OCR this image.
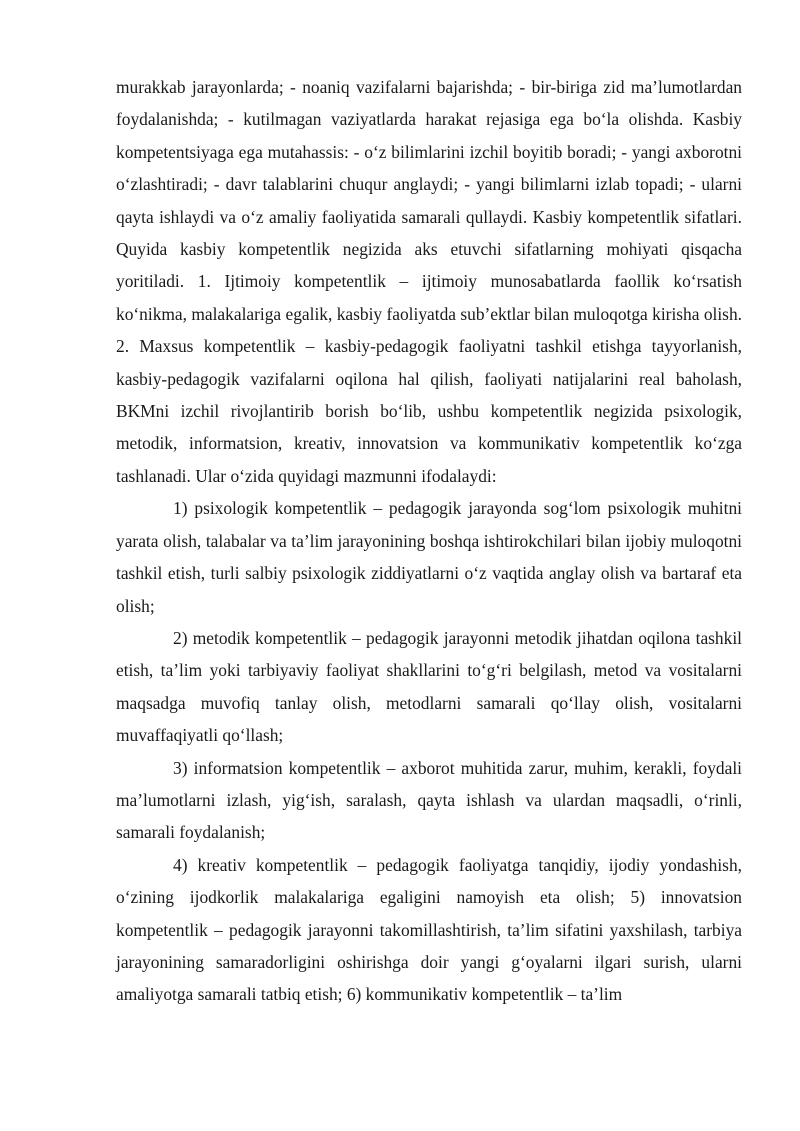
murakkab jarayonlarda; - noaniq vazifalarni bajarishda; - bir-biriga zid ma’lumotlardan foydalanishda; - kutilmagan vaziyatlarda harakat rejasiga ega bo‘la olishda. Kasbiy kompetentsiyaga ega mutahassis: - o‘z bilimlarini izchil boyitib boradi; - yangi axborotni o‘zlashtiradi; - davr talablarini chuqur anglaydi; - yangi bilimlarni izlab topadi; - ularni qayta ishlaydi va o‘z amaliy faoliyatida samarali qullaydi. Kasbiy kompetentlik sifatlari. Quyida kasbiy kompetentlik negizida aks etuvchi sifatlarning mohiyati qisqacha yoritiladi. 1. Ijtimoiy kompetentlik – ijtimoiy munosabatlarda faollik ko‘rsatish ko‘nikma, malakalariga egalik, kasbiy faoliyatda sub’ektlar bilan muloqotga kirisha olish. 2. Maxsus kompetentlik – kasbiy-pedagogik faoliyatni tashkil etishga tayyorlanish, kasbiy-pedagogik vazifalarni oqilona hal qilish, faoliyati natijalarini real baholash, BKMni izchil rivojlantirib borish bo‘lib, ushbu kompetentlik negizida psixologik, metodik, informatsion, kreativ, innovatsion va kommunikativ kompetentlik ko‘zga tashlanadi. Ular o‘zida quyidagi mazmunni ifodalaydi:

1) psixologik kompetentlik – pedagogik jarayonda sog‘lom psixologik muhitni yarata olish, talabalar va ta’lim jarayonining boshqa ishtirokchilari bilan ijobiy muloqotni tashkil etish, turli salbiy psixologik ziddiyatlarni o‘z vaqtida anglay olish va bartaraf eta olish;

2) metodik kompetentlik – pedagogik jarayonni metodik jihatdan oqilona tashkil etish, ta’lim yoki tarbiyaviy faoliyat shakllarini to‘g‘ri belgilash, metod va vositalarni maqsadga muvofiq tanlay olish, metodlarni samarali qo‘llay olish, vositalarni muvaffaqiyatli qo‘llash;

3) informatsion kompetentlik – axborot muhitida zarur, muhim, kerakli, foydali ma’lumotlarni izlash, yig‘ish, saralash, qayta ishlash va ulardan maqsadli, o‘rinli, samarali foydalanish;

4) kreativ kompetentlik – pedagogik faoliyatga tanqidiy, ijodiy yondashish, o‘zining ijodkorlik malakalariga egaligini namoyish eta olish; 5) innovatsion kompetentlik – pedagogik jarayonni takomillashtirish, ta’lim sifatini yaxshilash, tarbiya jarayonining samaradorligini oshirishga doir yangi g‘oyalarni ilgari surish, ularni amaliyotga samarali tatbiq etish; 6) kommunikativ kompetentlik – ta’lim
